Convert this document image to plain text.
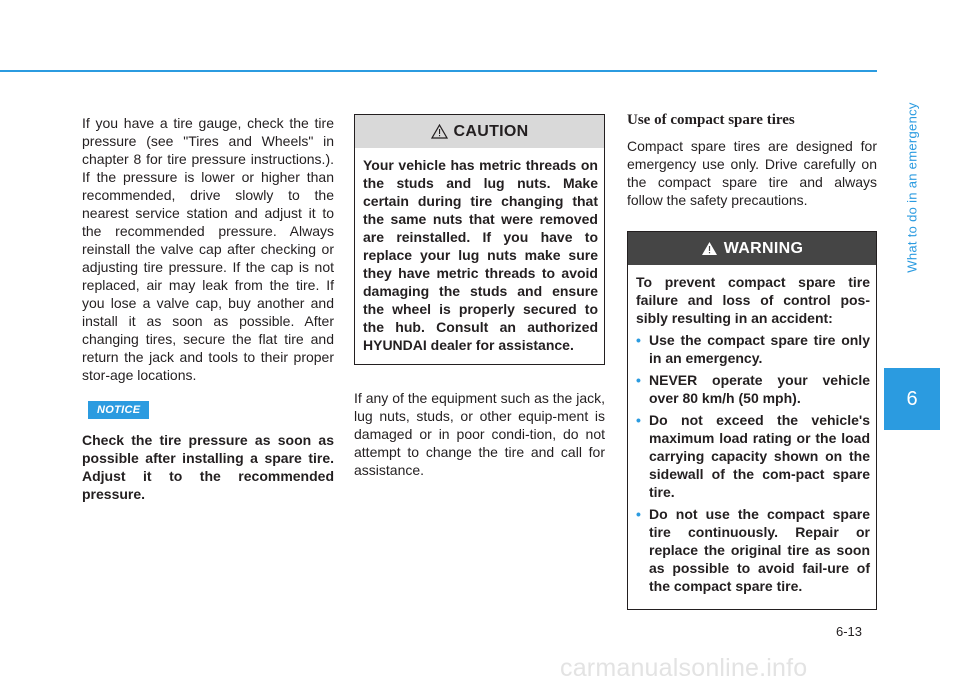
What to do in an emergency
6

If you have a tire gauge, check the tire pressure (see "Tires and Wheels" in chapter 8 for tire pressure instructions.). If the pressure is lower or higher than recommended, drive slowly to the nearest service station and adjust it to the recommended pressure. Always reinstall the valve cap after checking or adjusting tire pressure. If the cap is not replaced, air may leak from the tire. If you lose a valve cap, buy another and install it as soon as possible. After changing tires, secure the flat tire and return the jack and tools to their proper stor-age locations.

NOTICE

Check the tire pressure as soon as possible after installing a spare tire. Adjust it to the recommended pressure.

CAUTION

Your vehicle has metric threads on the studs and lug nuts. Make certain during tire changing that the same nuts that were removed are reinstalled. If you have to replace your lug nuts make sure they have metric threads to avoid damaging the studs and ensure the wheel is properly secured to the hub. Consult an authorized HYUNDAI dealer for assistance.

If any of the equipment such as the jack, lug nuts, studs, or other equip-ment is damaged or in poor condi-tion, do not attempt to change the tire and call for assistance.

Use of compact spare tires

Compact spare tires are designed for emergency use only. Drive carefully on the compact spare tire and always follow the safety precautions.

WARNING

To prevent compact spare tire failure and loss of control pos-sibly resulting in an accident:

• Use the compact spare tire only in an emergency.
• NEVER operate your vehicle over 80 km/h (50 mph).
• Do not exceed the vehicle's maximum load rating or the load carrying capacity shown on the sidewall of the com-pact spare tire.
• Do not use the compact spare tire continuously. Repair or replace the original tire as soon as possible to avoid fail-ure of the compact spare tire.
6-13
carmanualsonline.info
